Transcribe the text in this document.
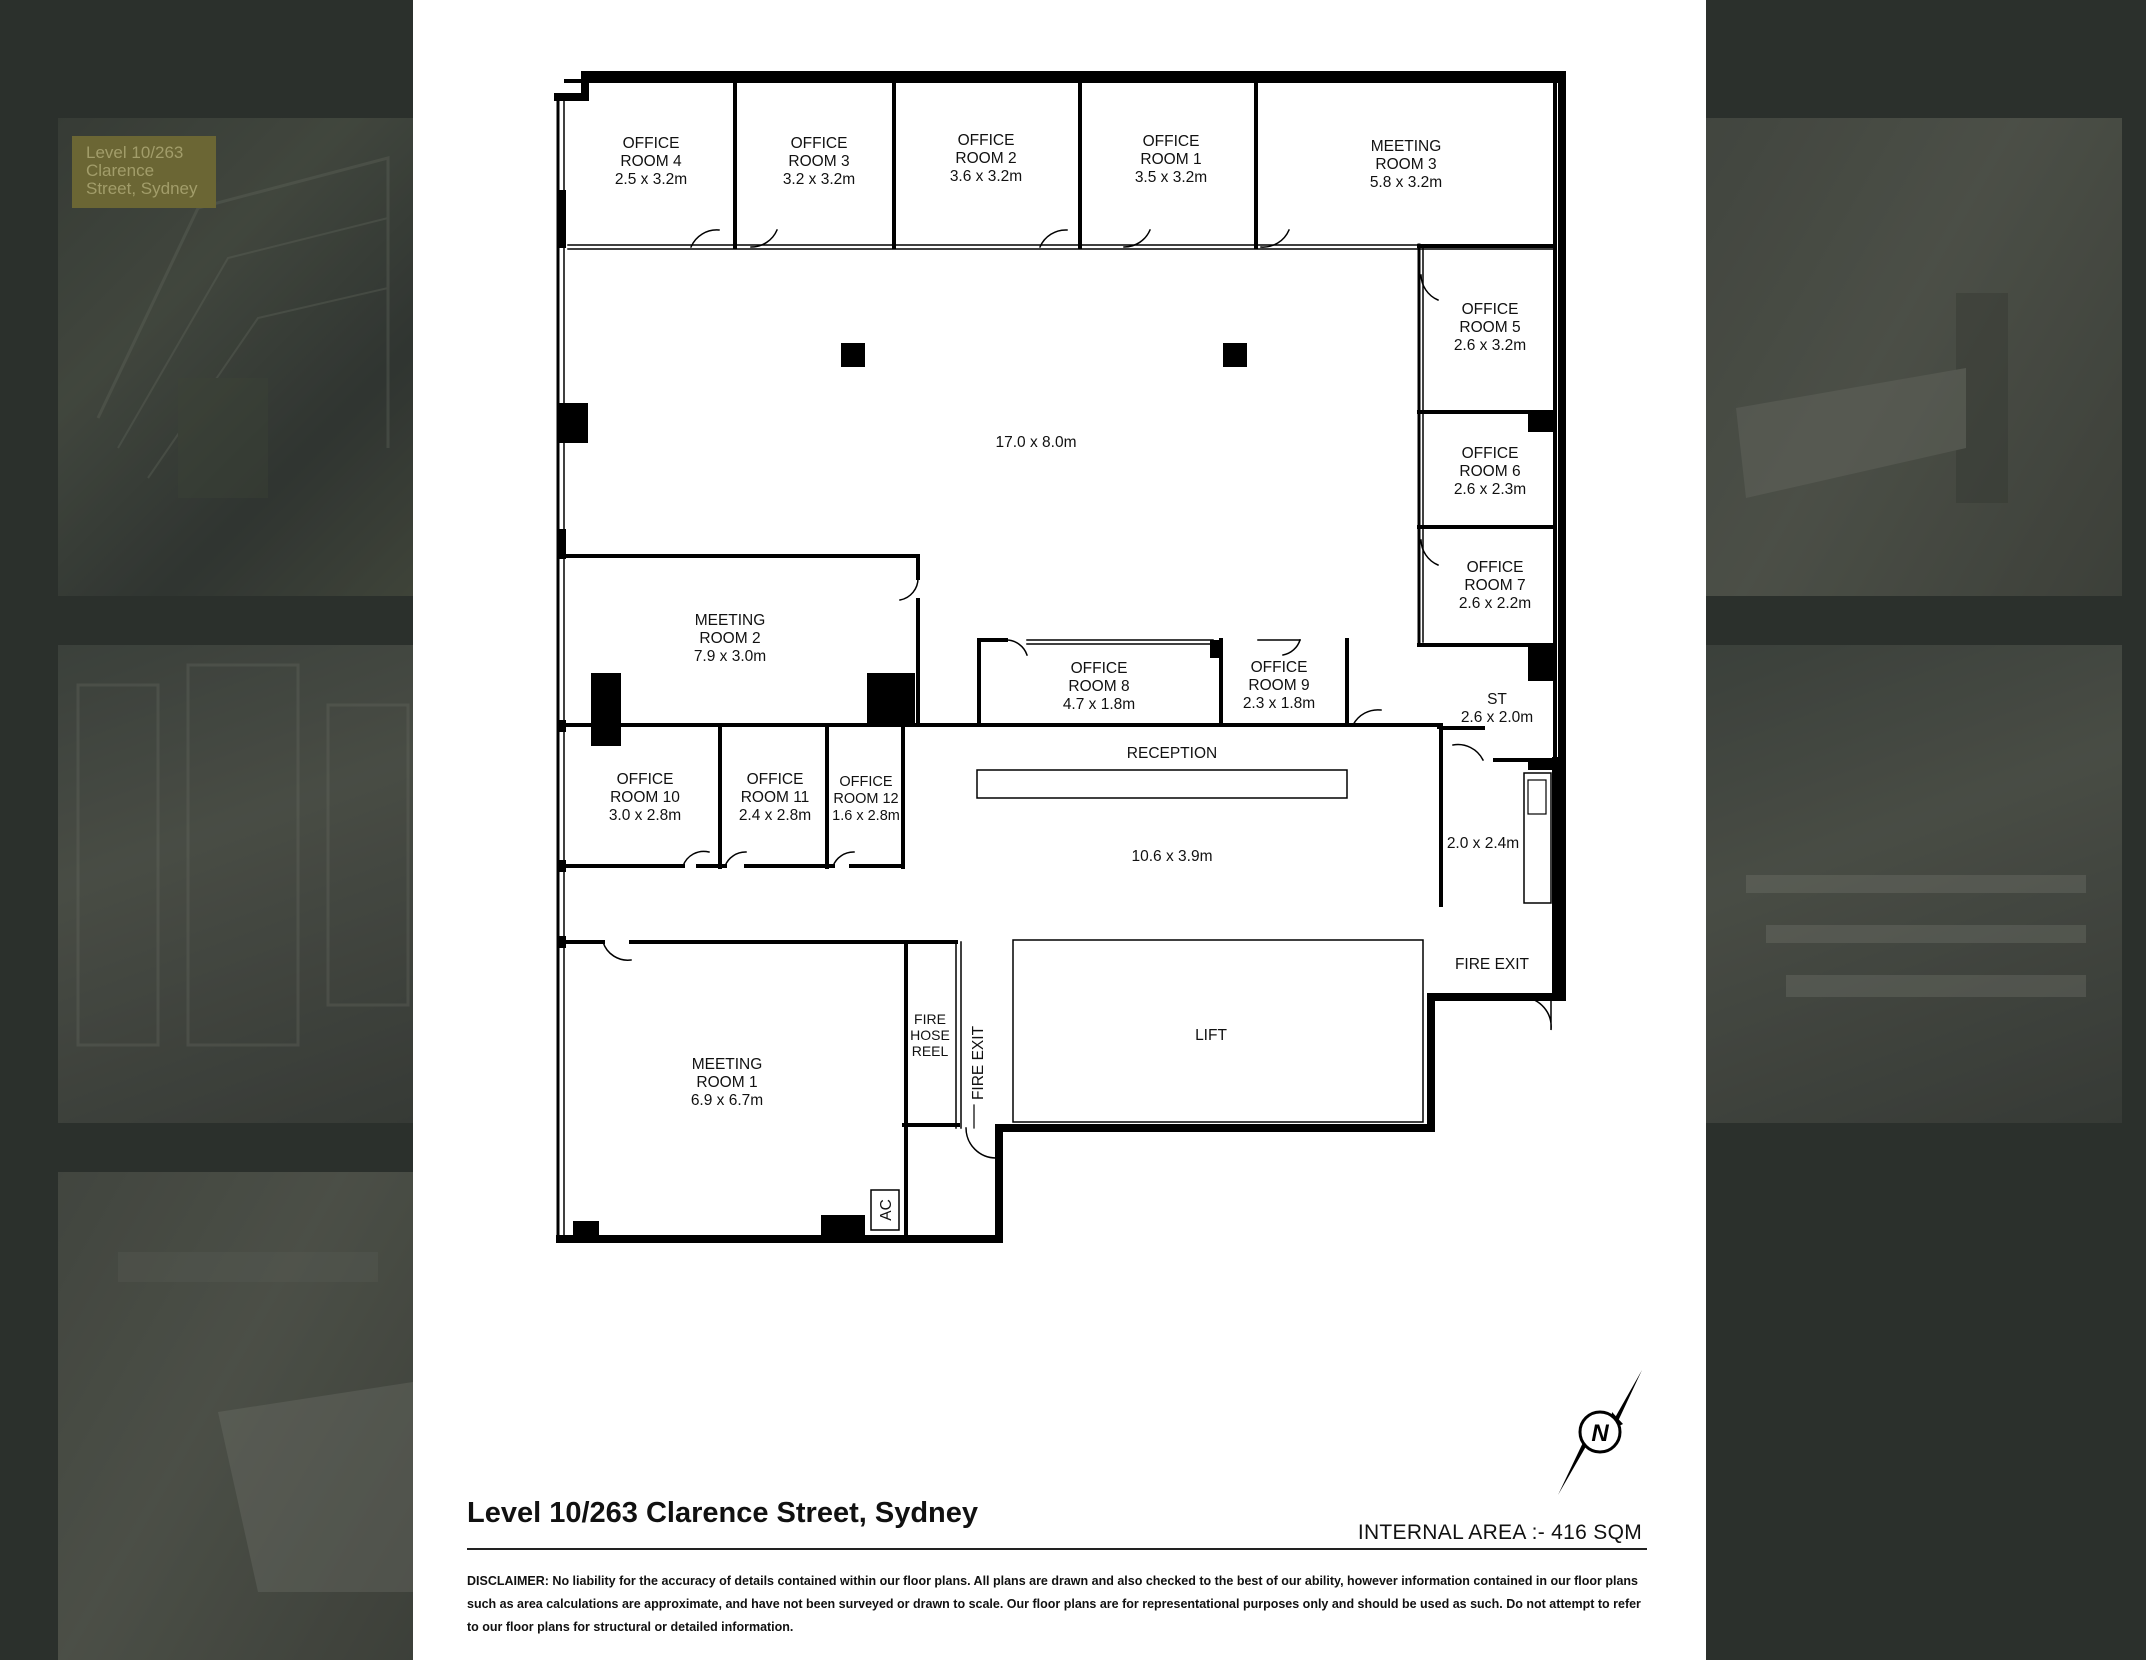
Level 10/263 Clarence Street, Sydney
AC
OFFICE
ROOM 4
2.5 x 3.2m
OFFICE
ROOM 3
3.2 x 3.2m
OFFICE
ROOM 2
3.6 x 3.2m
OFFICE
ROOM 1
3.5 x 3.2m
MEETING
ROOM 3
5.8 x 3.2m
OFFICE
ROOM 5
2.6 x 3.2m
OFFICE
ROOM 6
2.6 x 2.3m
OFFICE
ROOM 7
2.6 x 2.2m
17.0 x 8.0m
MEETING
ROOM 2
7.9 x 3.0m
OFFICE
ROOM 8
4.7 x 1.8m
OFFICE
ROOM 9
2.3 x 1.8m	ST
2.6 x 2.0m
RECEPTION
10.6 x 3.9m
OFFICE
ROOM 10
3.0 x 2.8m
OFFICE
ROOM 11
2.4 x 2.8m
OFFICE
ROOM 12
1.6 x 2.8m
2.0 x 2.4m
FIRE EXIT
LIFT
FIRE
HOSE
REEL FIRE EXIT
MEETING
ROOM 1
6.9 x 6.7m
N
Level 10/263 Clarence Street, Sydney
INTERNAL AREA :- 416 SQM
DISCLAIMER: No liability for the accuracy of details contained within our floor plans. All plans are drawn and also checked to the best of our ability, however information contained in our floor plans such as area calculations are approximate, and have not been surveyed or drawn to scale. Our floor plans are for representational purposes only and should be used as such. Do not attempt to refer to our floor plans for structural or detailed information.
